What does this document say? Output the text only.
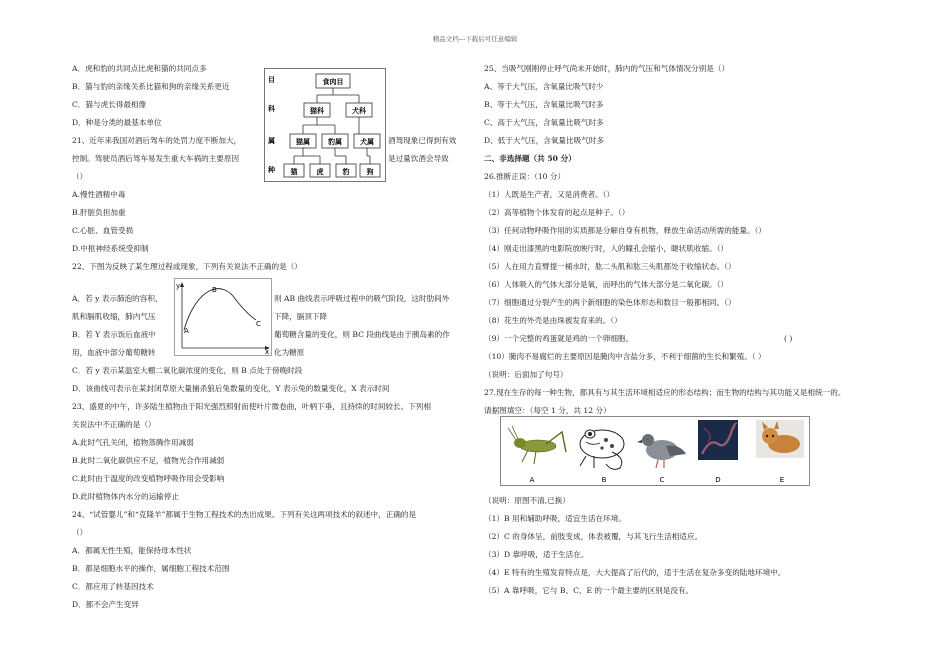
精品文档---下载后可任意编辑
A．虎和豹的共同点比虎和猫的共同点多
B．猫与豹的亲缘关系比猫和狗的亲缘关系更近
C．猫与虎长得最相像
D．种是分类的最基本单位
目
科
属
种
食肉目
猫科	犬科
猫属	豹属	犬属
猫	虎	豹 狗
21、近年来我国对酒后驾车的处罚力度不断加大，	酒驾现象已得到有效
控制。驾驶员酒后驾车易发生重大车祸的主要原因	是过量饮酒会导致
（）
A.慢性酒精中毒
B.肝脏负担加重
C.心脏、血管受损
D.中枢神经系统受抑制
22、下图为反映了某生理过程或现象，下列有关说法不正确的是（）
y
x
A
B
C
A．若 y 表示肺泡的容积，	则 AB 曲线表示呼吸过程中的吸气阶段，这时肋间外
肌和膈肌收缩，肺内气压	下降，膈顶下降
B．若 Y 表示饭后血液中	葡萄糖含量的变化，则 BC 段曲线是由于胰岛素的作
用，血液中部分葡萄糖转	化为糖原
C．若 y 表示某温室大棚二氧化碳浓度的变化，则 B 点处于傍晚时段
D．该曲线可表示在某封闭草原大量捕杀狼后兔数量的变化，Y 表示兔的数量变化，X 表示时间
23、盛夏的中午，许多陆生植物由于阳光强烈照射而使叶片微卷曲，叶柄下垂，且持续的时间较长。下列相
关说法中不正确的是（）
A.此时气孔关闭，植物蒸腾作用减弱
B.此时二氧化碳供应不足，植物光合作用减弱
C.此时由于温度的改变植物呼吸作用会受影响
D.此时植物体内水分的运输停止
24、“试管婴儿”和“克隆羊”都属于生物工程技术的杰出成果。下列有关这两项技术的叙述中，正确的是
（）
A．都属无性生殖，能保持母本性状
B．都是细胞水平的操作，属细胞工程技术范围
C．都应用了转基因技术
D．都不会产生变异
25、当吸气刚刚停止呼气尚未开始时，肺内的气压和气体情况分别是（）
A、等于大气压，含氧量比吸气时少
B、等于大气压，含氧量比吸气时多
C、高于大气压，含氧量比吸气时多
D、低于大气压，含氧量比吸气时多
二、非选择题（共 50 分）
26.推断正误：（10 分）
（1）人既是生产者，又是消费者。（）
（2）高等植物个体发育的起点是种子。（）
（3）任何动物呼吸作用的实质都是分解自身有机物，释放生命活动所需的能量。（）
（4）刚走出漆黑的电影院放映厅时，人的瞳孔会缩小，睫状肌收缩。（）
（5）人在用力直臂提一桶水时，肱二头肌和肱三头肌都处于收缩状态。（）
（6）人体吸入的气体大部分是氧，而呼出的气体大部分是二氧化碳。（）
（7）细胞通过分裂产生的两个新细胞的染色体形态和数目一般都相同。（）
（8）花生的外壳是由珠被发育来的。（）
（9）一个完整的鸡蛋就是鸡的一个卵细胞。	( )
（10）腌肉不易腐烂的主要原因是腌肉中含盐分多，不利于细菌的生长和繁殖。（ ）
（说明：后面加了句号）
27.现在生存的每一种生物，都具有与其生活环境相适应的形态结构；而生物的结构与其功能又是相统一的。
请据图填空：（每空 1 分，共 12 分）
A	B	C	D	E
（说明：原图不清,已换）
（1）B 用和辅助呼吸，适宜生活在环境。
（2）C 的身体呈，前肢变成，体表被覆，与其飞行生活相适应。
（3）D 靠呼吸，适于生活在。
（4）E 特有的生殖发育特点是，大大提高了后代的，适于生活在复杂多变的陆地环境中。
（5）A 靠呼吸，它与 B、C、E 的一个最主要的区别是没有。
